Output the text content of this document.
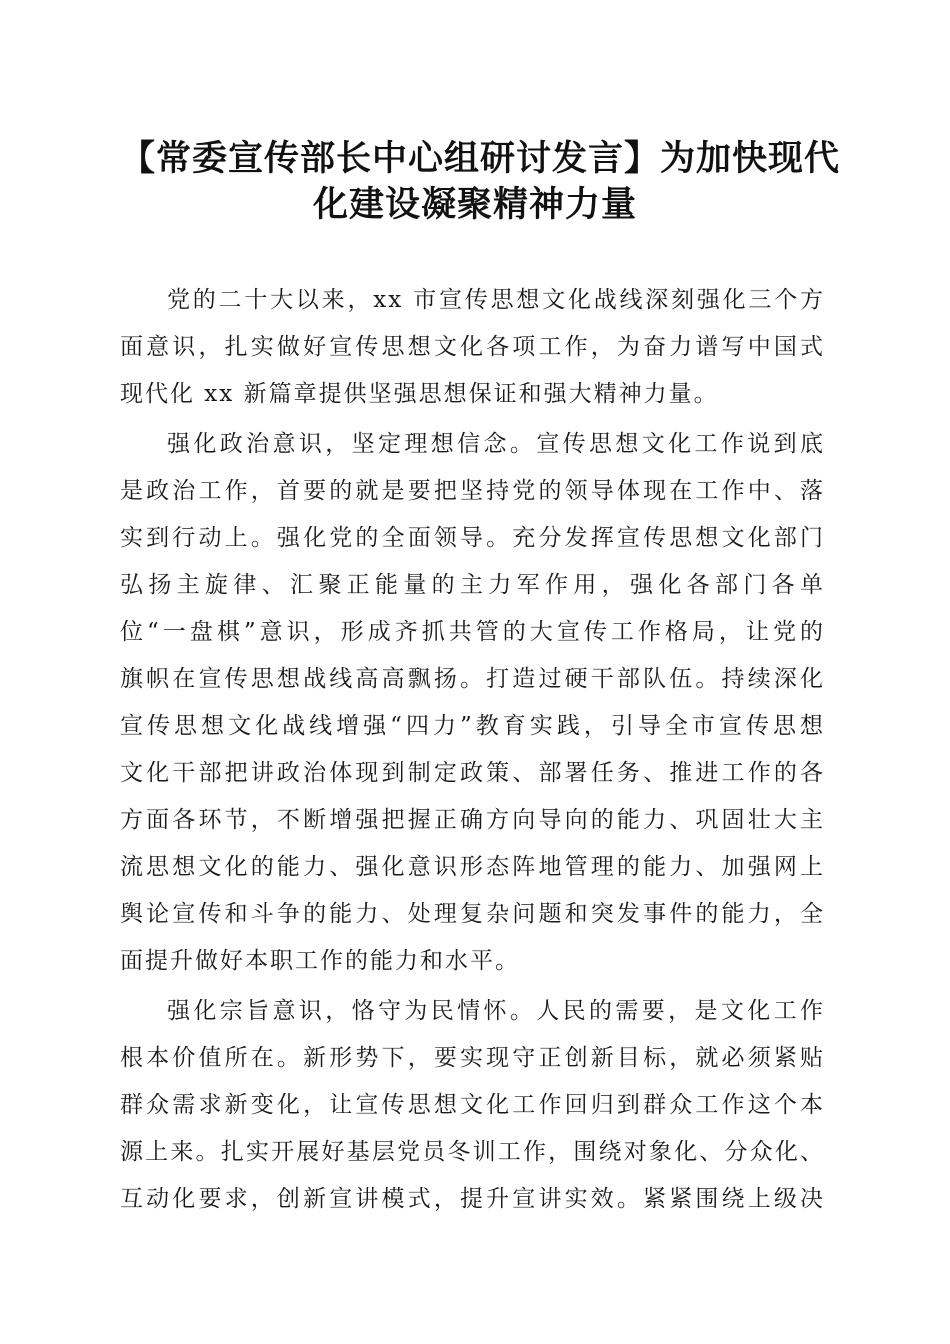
【常委宣传部长中心组研讨发言】为加快现代
化建设凝聚精神力量

党的二十大以来，xx 市宣传思想文化战线深刻强化三个方
面意识，扎实做好宣传思想文化各项工作，为奋力谱写中国式
现代化 xx 新篇章提供坚强思想保证和强大精神力量。

强化政治意识，坚定理想信念。宣传思想文化工作说到底
是政治工作，首要的就是要把坚持党的领导体现在工作中、落
实到行动上。强化党的全面领导。充分发挥宣传思想文化部门
弘扬主旋律、汇聚正能量的主力军作用，强化各部门各单
位“一盘棋”意识，形成齐抓共管的大宣传工作格局，让党的
旗帜在宣传思想战线高高飘扬。打造过硬干部队伍。持续深化
宣传思想文化战线增强“四力”教育实践，引导全市宣传思想
文化干部把讲政治体现到制定政策、部署任务、推进工作的各
方面各环节，不断增强把握正确方向导向的能力、巩固壮大主
流思想文化的能力、强化意识形态阵地管理的能力、加强网上
舆论宣传和斗争的能力、处理复杂问题和突发事件的能力，全
面提升做好本职工作的能力和水平。

强化宗旨意识，恪守为民情怀。人民的需要，是文化工作
根本价值所在。新形势下，要实现守正创新目标，就必须紧贴
群众需求新变化，让宣传思想文化工作回归到群众工作这个本
源上来。扎实开展好基层党员冬训工作，围绕对象化、分众化、
互动化要求，创新宣讲模式，提升宣讲实效。紧紧围绕上级决
